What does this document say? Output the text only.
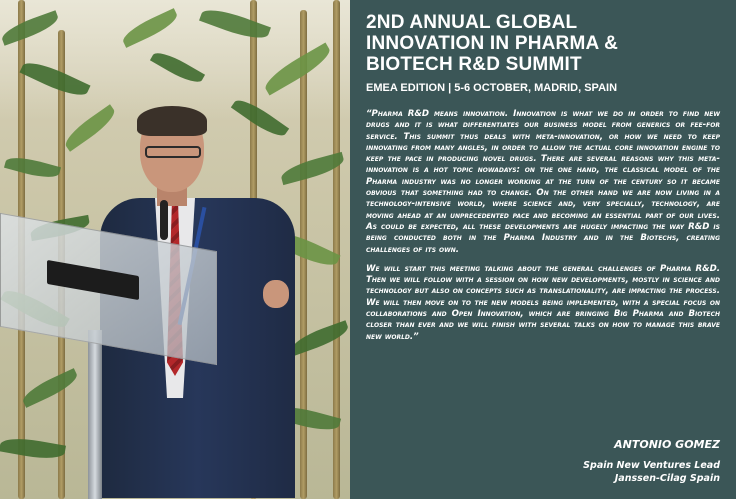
2ND ANNUAL GLOBAL
INNOVATION IN PHARMA &
BIOTECH R&D SUMMIT
EMEA EDITION | 5-6 OCTOBER, MADRID, SPAIN

“Pharma R&D means innovation. Innovation is what we do in order to find new drugs and it is what differentiates our business model from generics or fee-for service. This summit thus deals with meta-innovation, or how we need to keep innovating from many angles, in order to allow the actual core innovation engine to keep the pace in producing novel drugs. There are several reasons why this meta-innovation is a hot topic nowadays: on the one hand, the classical model of the Pharma industry was no longer working at the turn of the century so it became obvious that something had to change. On the other hand we are now living in a technology-intensive world, where science and, very specially, technology, are moving ahead at an unprecedented pace and becoming an essential part of our lives. As could be expected, all these developments are hugely impacting the way R&D is being conducted both in the Pharma Industry and in the Biotechs, creating challenges of its own.

We will start this meeting talking about the general challenges of Pharma R&D. Then we will follow with a session on how new developments, mostly in science and technology but also on concepts such as translationality, are impacting the process. We will then move on to the new models being implemented, with a special focus on collaborations and Open Innovation, which are bringing Big Pharma and Biotech closer than ever and we will finish with several talks on how to manage this brave new world.”

ANTONIO GOMEZ
Spain New Ventures Lead
Janssen-Cilag Spain
